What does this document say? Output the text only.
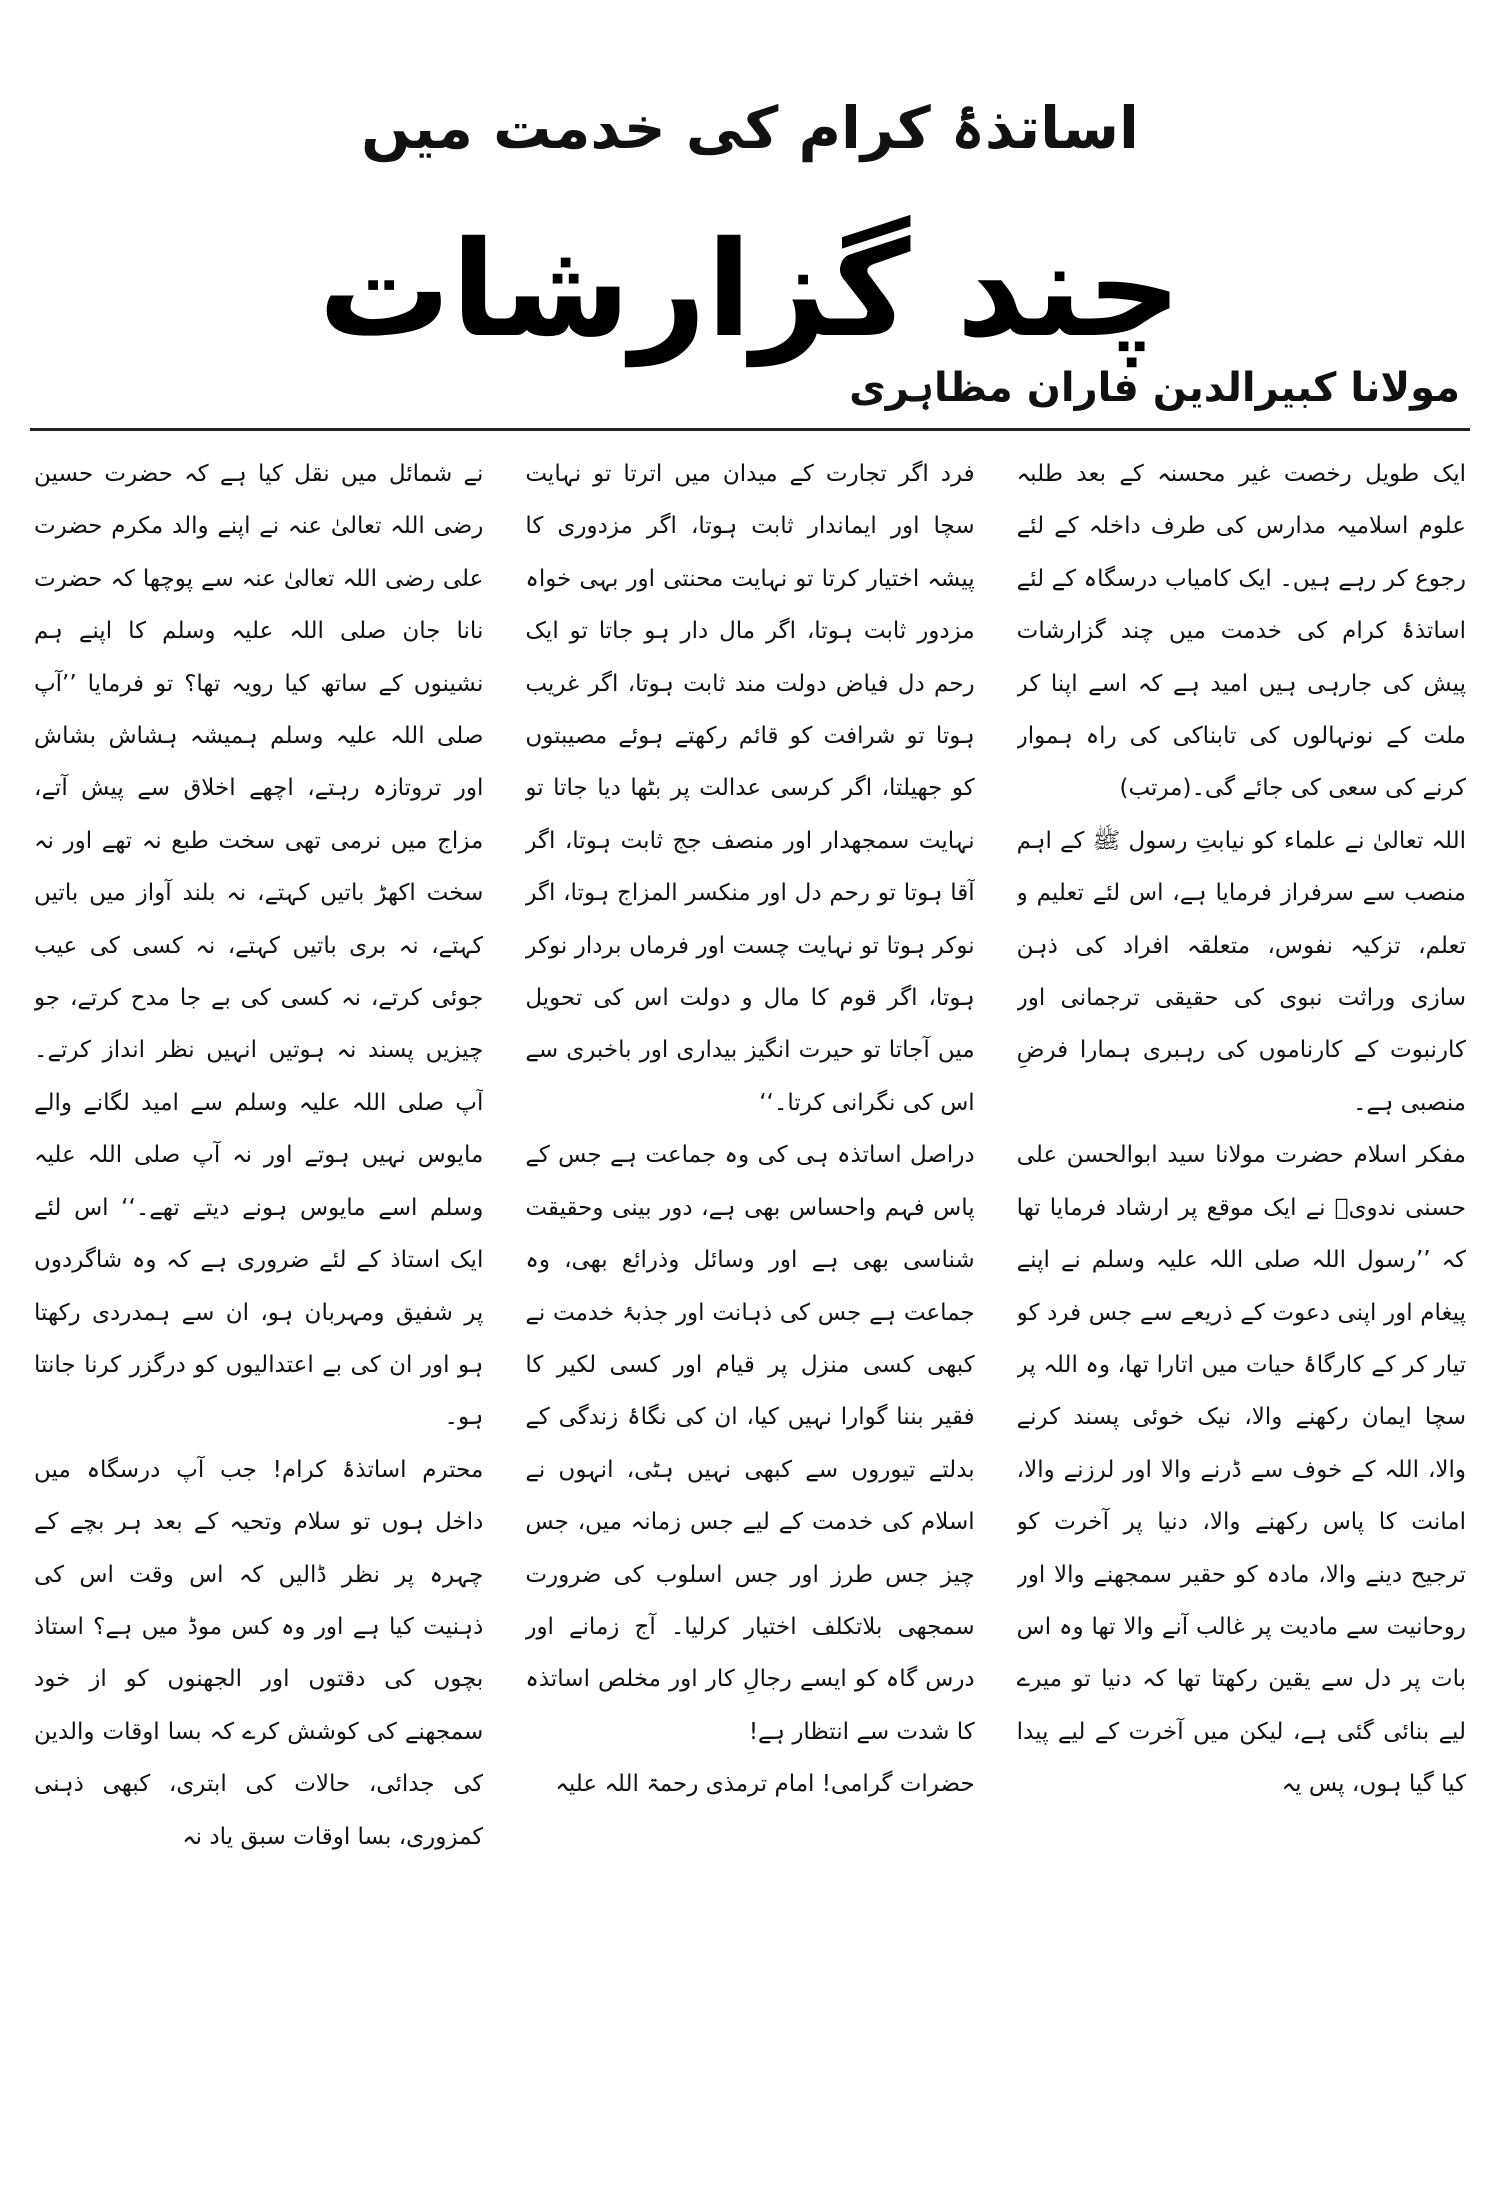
اساتذۂ کرام کی خدمت میں
چند گزارشات
مولانا کبیرالدین فاران مظاہری

ایک طویل رخصت غیر محسنہ کے بعد طلبہ علوم اسلامیہ مدارس کی طرف داخلہ کے لئے رجوع کر رہے ہیں۔ ایک کامیاب درسگاہ کے لئے اساتذۂ کرام کی خدمت میں چند گزارشات پیش کی جارہی ہیں امید ہے کہ اسے اپنا کر ملت کے نونہالوں کی تابناکی کی راہ ہموار کرنے کی سعی کی جائے گی۔(مرتب)

اللہ تعالیٰ نے علماء کو نیابتِ رسول ﷺ کے اہم منصب سے سرفراز فرمایا ہے، اس لئے تعلیم و تعلم، تزکیہ نفوس، متعلقہ افراد کی ذہن سازی وراثت نبوی کی حقیقی ترجمانی اور کارنبوت کے کارناموں کی رہبری ہمارا فرضِ منصبی ہے۔

مفکر اسلام حضرت مولانا سید ابوالحسن علی حسنی ندویؒ نے ایک موقع پر ارشاد فرمایا تھا کہ ’’رسول اللہ صلی اللہ علیہ وسلم نے اپنے پیغام اور اپنی دعوت کے ذریعے سے جس فرد کو تیار کر کے کارگاۂ حیات میں اتارا تھا، وہ اللہ پر سچا ایمان رکھنے والا، نیک خوئی پسند کرنے والا، اللہ کے خوف سے ڈرنے والا اور لرزنے والا، امانت کا پاس رکھنے والا، دنیا پر آخرت کو ترجیح دینے والا، مادہ کو حقیر سمجھنے والا اور روحانیت سے مادیت پر غالب آنے والا تھا وہ اس بات پر دل سے یقین رکھتا تھا کہ دنیا تو میرے لیے بنائی گئی ہے، لیکن میں آخرت کے لیے پیدا کیا گیا ہوں، پس یہ

فرد اگر تجارت کے میدان میں اترتا تو نہایت سچا اور ایماندار ثابت ہوتا، اگر مزدوری کا پیشہ اختیار کرتا تو نہایت محنتی اور بہی خواہ مزدور ثابت ہوتا، اگر مال دار ہو جاتا تو ایک رحم دل فیاض دولت مند ثابت ہوتا، اگر غریب ہوتا تو شرافت کو قائم رکھتے ہوئے مصیبتوں کو جھیلتا، اگر کرسی عدالت پر بٹھا دیا جاتا تو نہایت سمجھدار اور منصف جج ثابت ہوتا، اگر آقا ہوتا تو رحم دل اور منکسر المزاج ہوتا، اگر نوکر ہوتا تو نہایت چست اور فرماں بردار نوکر ہوتا، اگر قوم کا مال و دولت اس کی تحویل میں آجاتا تو حیرت انگیز بیداری اور باخبری سے اس کی نگرانی کرتا۔‘‘

دراصل اساتذہ ہی کی وہ جماعت ہے جس کے پاس فہم واحساس بھی ہے، دور بینی وحقیقت شناسی بھی ہے اور وسائل وذرائع بھی، وہ جماعت ہے جس کی ذہانت اور جذبۂ خدمت نے کبھی کسی منزل پر قیام اور کسی لکیر کا فقیر بننا گوارا نہیں کیا، ان کی نگاۂ زندگی کے بدلتے تیوروں سے کبھی نہیں ہٹی، انہوں نے اسلام کی خدمت کے لیے جس زمانہ میں، جس چیز جس طرز اور جس اسلوب کی ضرورت سمجھی بلاتکلف اختیار کرلیا۔ آج زمانے اور درس گاہ کو ایسے رجالِ کار اور مخلص اساتذہ کا شدت سے انتظار ہے!

حضرات گرامی! امام ترمذی رحمۃ اللہ علیہ

نے شمائل میں نقل کیا ہے کہ حضرت حسین رضی اللہ تعالیٰ عنہ نے اپنے والد مکرم حضرت علی رضی اللہ تعالیٰ عنہ سے پوچھا کہ حضرت نانا جان صلی اللہ علیہ وسلم کا اپنے ہم نشینوں کے ساتھ کیا رویہ تھا؟ تو فرمایا ’’آپ صلی اللہ علیہ وسلم ہمیشہ ہشاش بشاش اور تروتازہ رہتے، اچھے اخلاق سے پیش آتے، مزاج میں نرمی تھی سخت طبع نہ تھے اور نہ سخت اکھڑ باتیں کہتے، نہ بلند آواز میں باتیں کہتے، نہ بری باتیں کہتے، نہ کسی کی عیب جوئی کرتے، نہ کسی کی بے جا مدح کرتے، جو چیزیں پسند نہ ہوتیں انہیں نظر انداز کرتے۔ آپ صلی اللہ علیہ وسلم سے امید لگانے والے مایوس نہیں ہوتے اور نہ آپ صلی اللہ علیہ وسلم اسے مایوس ہونے دیتے تھے۔‘‘ اس لئے ایک استاذ کے لئے ضروری ہے کہ وہ شاگردوں پر شفیق ومہربان ہو، ان سے ہمدردی رکھتا ہو اور ان کی بے اعتدالیوں کو درگزر کرنا جانتا ہو۔

محترم اساتذۂ کرام! جب آپ درسگاہ میں داخل ہوں تو سلام وتحیہ کے بعد ہر بچے کے چہرہ پر نظر ڈالیں کہ اس وقت اس کی ذہنیت کیا ہے اور وہ کس موڈ میں ہے؟ استاذ بچوں کی دقتوں اور الجھنوں کو از خود سمجھنے کی کوشش کرے کہ بسا اوقات والدین کی جدائی، حالات کی ابتری، کبھی ذہنی کمزوری، بسا اوقات سبق یاد نہ
